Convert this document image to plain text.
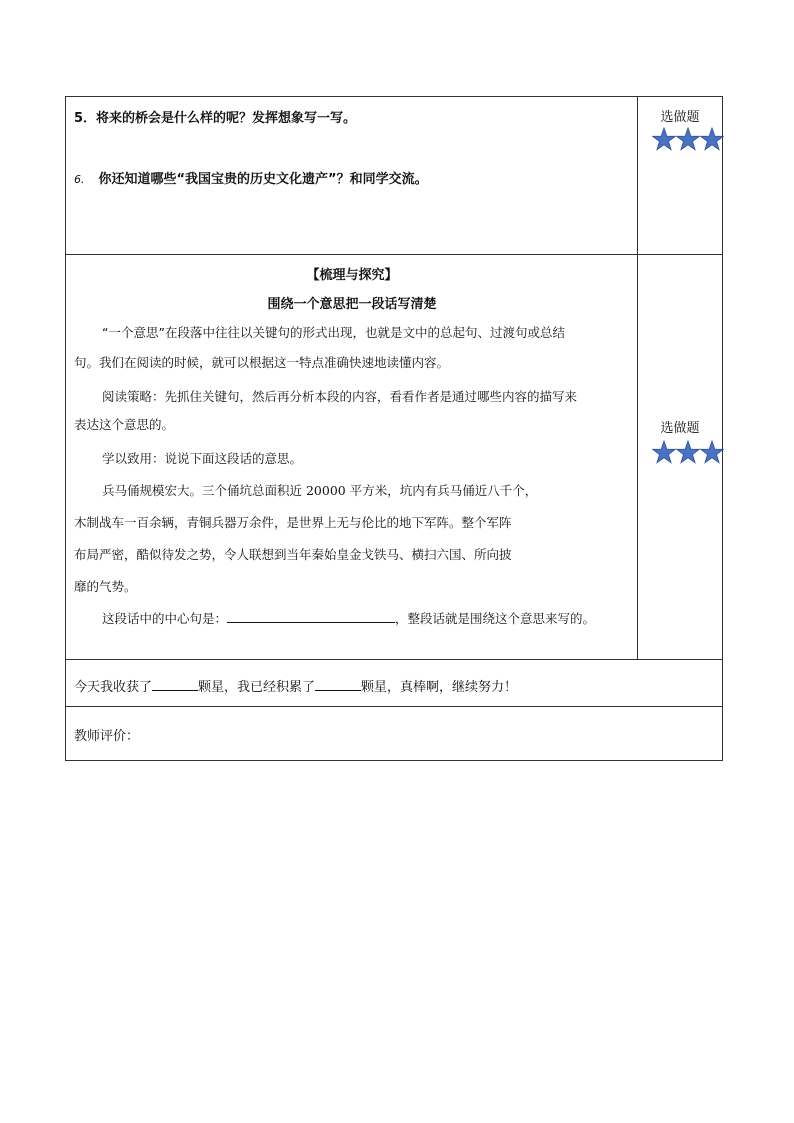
5．将来的桥会是什么样的呢？发挥想象写一写。
6. 你还知道哪些“我国宝贵的历史文化遗产”？和同学交流。
选做题
【梳理与探究】
围绕一个意思把一段话写清楚
“一个意思”在段落中往往以关键句的形式出现，也就是文中的总起句、过渡句或总结
句。我们在阅读的时候，就可以根据这一特点准确快速地读懂内容。
阅读策略：先抓住关键句，然后再分析本段的内容，看看作者是通过哪些内容的描写来
表达这个意思的。
学以致用：说说下面这段话的意思。
兵马俑规模宏大。三个俑坑总面积近 20000 平方米，坑内有兵马俑近八千个，
木制战车一百余辆，青铜兵器万余件，是世界上无与伦比的地下军阵。整个军阵
布局严密，酷似待发之势，令人联想到当年秦始皇金戈铁马、横扫六国、所向披
靡的气势。
这段话中的中心句是：	，整段话就是围绕这个意思来写的。
选做题
今天我收获了	颗星，我已经积累了	颗星，真棒啊，继续努力！
教师评价：
